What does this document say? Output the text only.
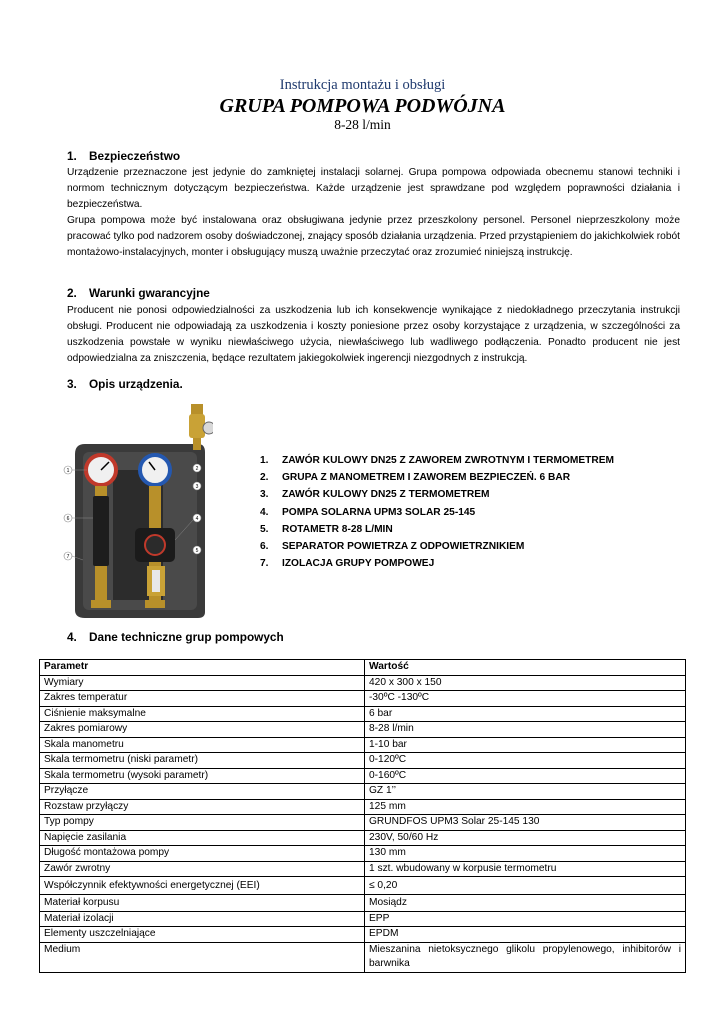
Instrukcja montażu i obsługi
GRUPA POMPOWA PODWÓJNA
8-28 l/min
1. Bezpieczeństwo

Urządzenie przeznaczone jest jedynie do zamkniętej instalacji solarnej. Grupa pompowa odpowiada obecnemu stanowi techniki i normom technicznym dotyczącym bezpieczeństwa. Każde urządzenie jest sprawdzane pod względem poprawności działania i bezpieczeństwa.

Grupa pompowa może być instalowana oraz obsługiwana jedynie przez przeszkolony personel. Personel nieprzeszkolony może pracować tylko pod nadzorem osoby doświadczonej, znający sposób działania urządzenia. Przed przystąpieniem do jakichkolwiek robót montażowo-instalacyjnych, monter i obsługujący muszą uważnie przeczytać oraz zrozumieć niniejszą instrukcję.

2. Warunki gwarancyjne

Producent nie ponosi odpowiedzialności za uszkodzenia lub ich konsekwencje wynikające z niedokładnego przeczytania instrukcji obsługi. Producent nie odpowiadają za uszkodzenia i koszty poniesione przez osoby korzystające z urządzenia, w szczególności za uszkodzenia powstałe w wyniku niewłaściwego użycia, niewłaściwego lub wadliwego podłączenia. Ponadto producent nie jest odpowiedzialna za zniszczenia, będące rezultatem jakiegokolwiek ingerencji niezgodnych z instrukcją.

3. Opis urządzenia.
1	2
3
4
5
6
7
1. ZAWÓR KULOWY DN25 Z ZAWOREM ZWROTNYM I TERMOMETREM
2. GRUPA Z MANOMETREM I ZAWOREM BEZPIECZEŃ. 6 BAR
3. ZAWÓR KULOWY DN25 Z TERMOMETREM
4. POMPA SOLARNA UPM3 SOLAR 25-145
5. ROTAMETR 8-28 L/MIN
6. SEPARATOR POWIETRZA Z ODPOWIETRZNIKIEM
7. IZOLACJA GRUPY POMPOWEJ
4. Dane techniczne grup pompowych
Parametr	Wartość
Wymiary	420 x 300 x 150
Zakres temperatur	-30ºC -130ºC
Ciśnienie maksymalne	6 bar
Zakres pomiarowy	8-28 l/min
Skala manometru	1-10 bar
Skala termometru (niski parametr)	0-120ºC
Skala termometru (wysoki parametr)	0-160ºC
Przyłącze	GZ 1’’
Rozstaw przyłączy	125 mm
Typ pompy	GRUNDFOS UPM3 Solar 25-145 130
Napięcie zasilania	230V, 50/60 Hz
Długość montażowa pompy	130 mm
Zawór zwrotny	1 szt. wbudowany w korpusie termometru
Współczynnik efektywności energetycznej (EEI)	≤ 0,20
Materiał korpusu	Mosiądz
Materiał izolacji	EPP
Elementy uszczelniające	EPDM
Medium	Mieszanina nietoksycznego glikolu propylenowego, inhibitorów i barwnika
